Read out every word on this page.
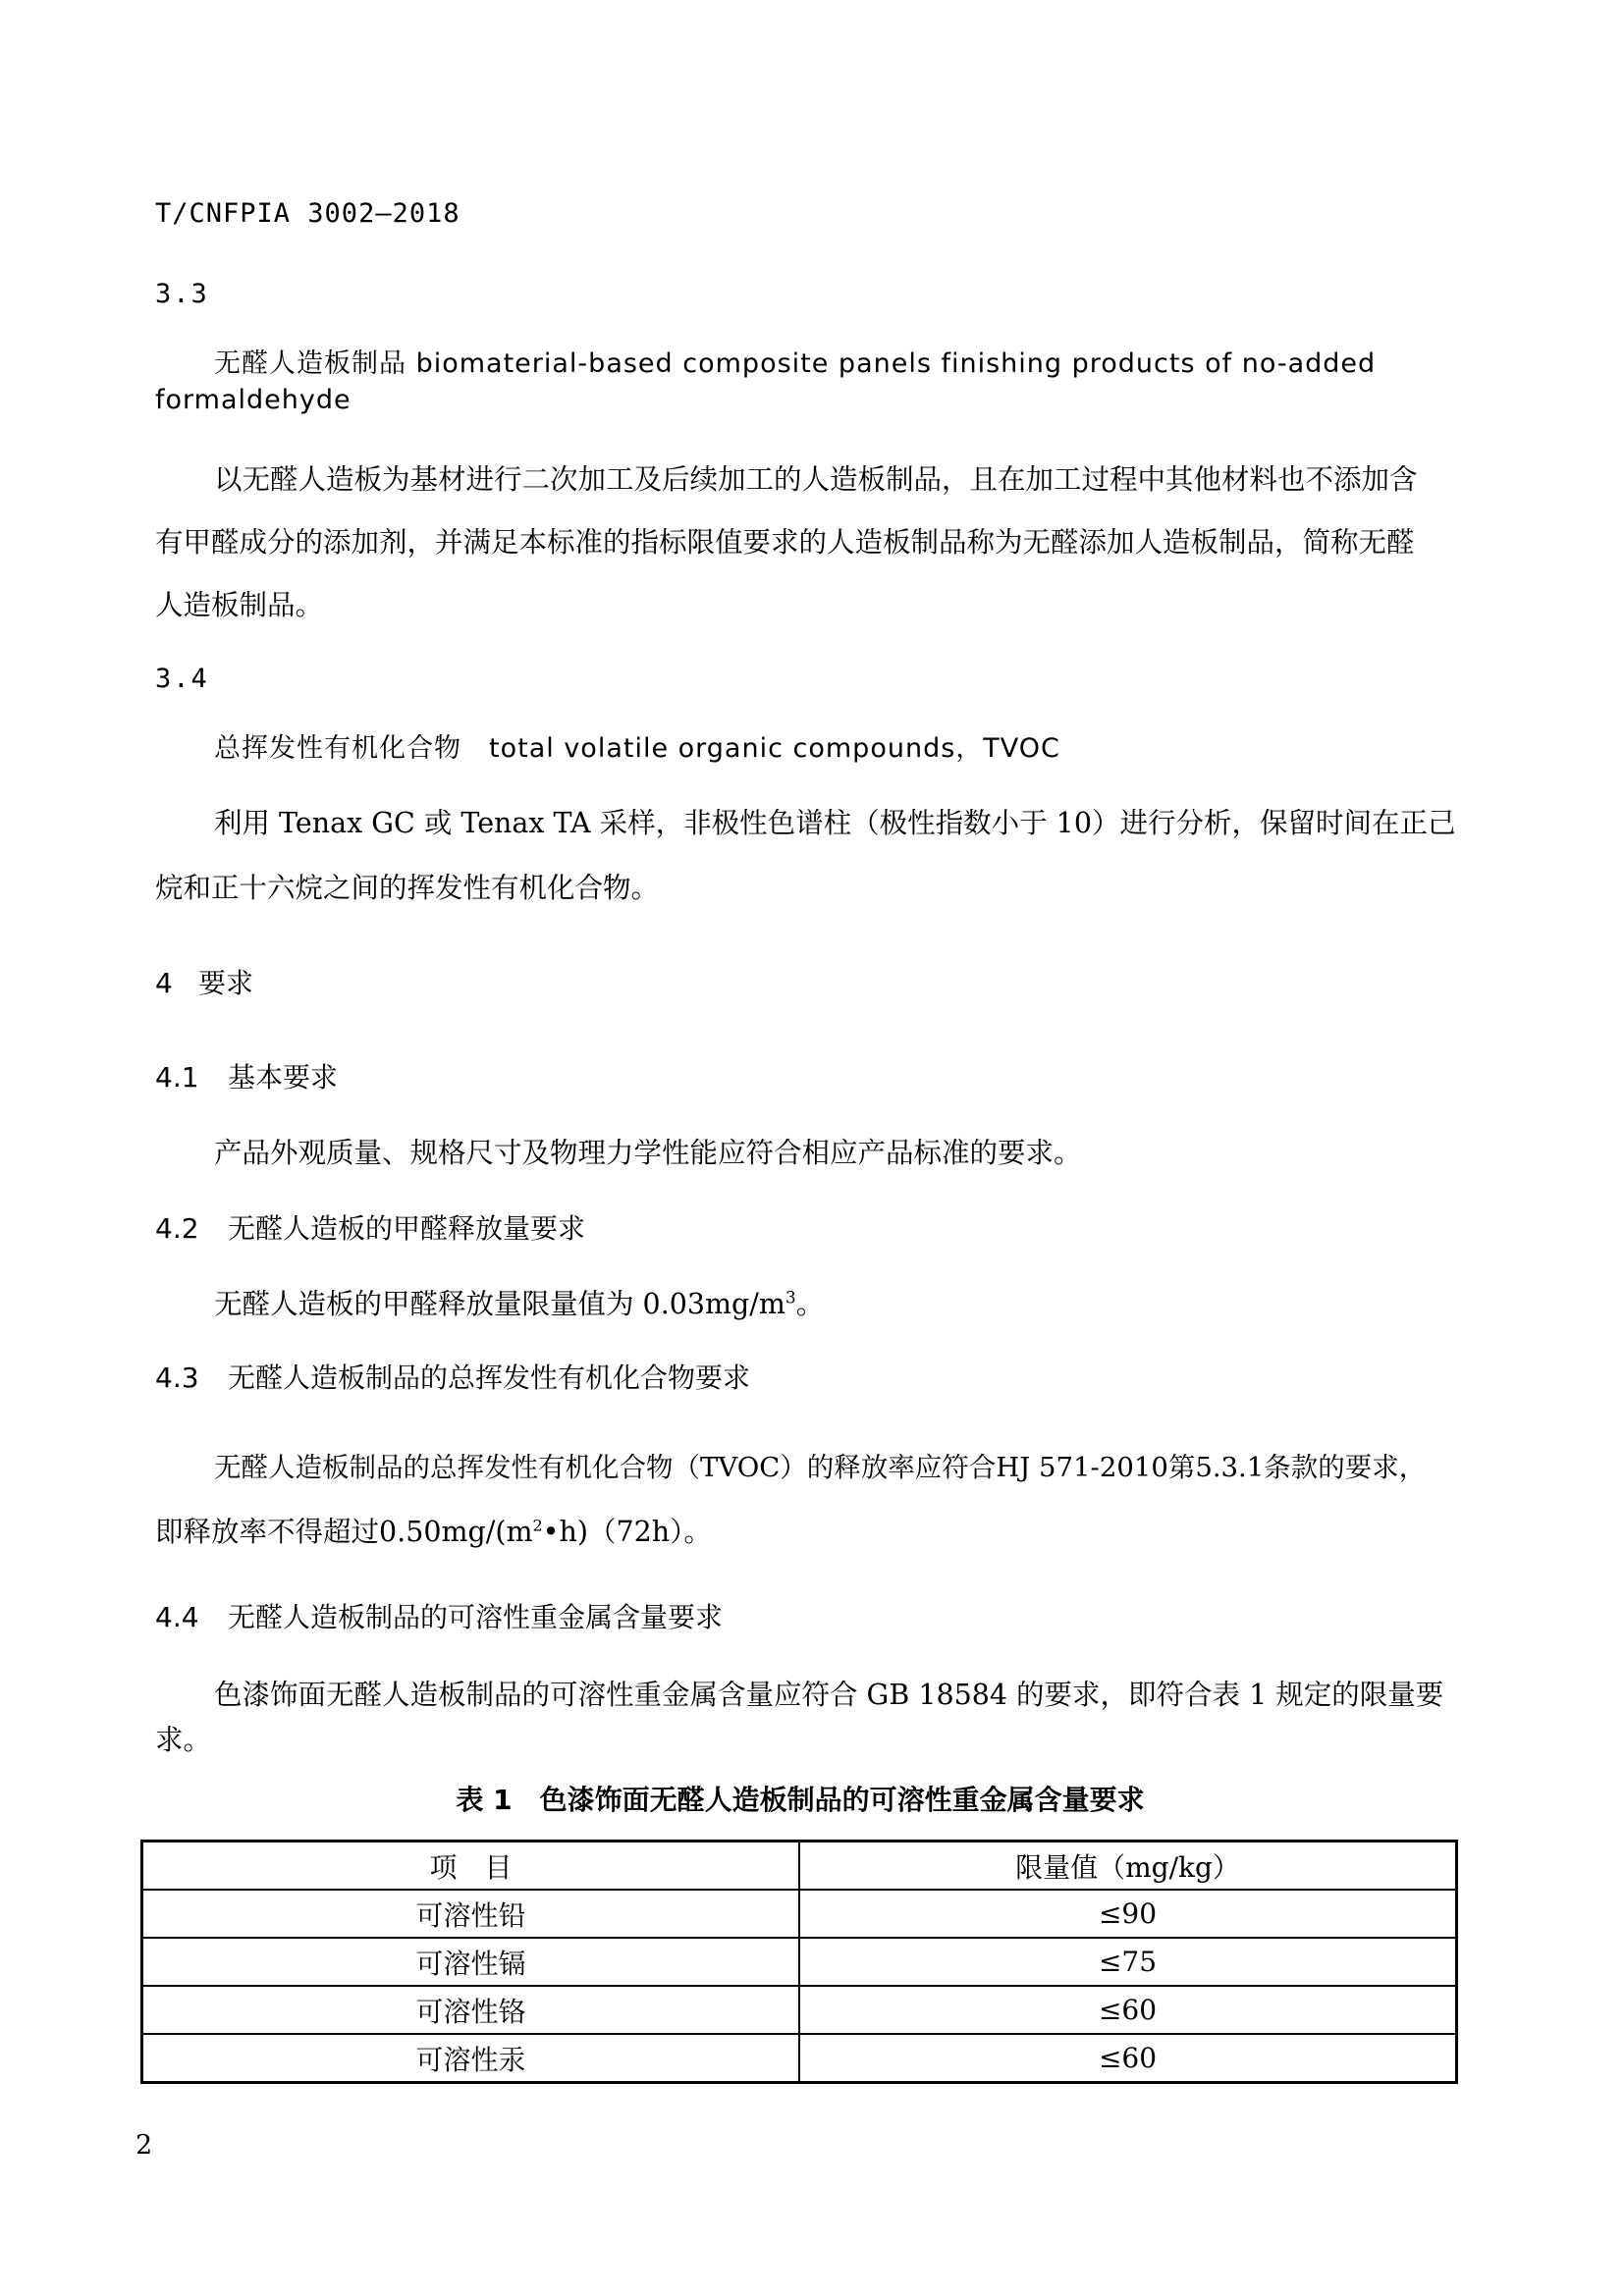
T/CNFPIA 3002—2018
3.3
无醛人造板制品 biomaterial-based composite panels finishing products of no-added
formaldehyde
以无醛人造板为基材进行二次加工及后续加工的人造板制品，且在加工过程中其他材料也不添加含
有甲醛成分的添加剂，并满足本标准的指标限值要求的人造板制品称为无醛添加人造板制品，简称无醛
人造板制品。
3.4
总挥发性有机化合物　total volatile organic compounds，TVOC
利用 Tenax GC 或 Tenax TA 采样，非极性色谱柱（极性指数小于 10）进行分析，保留时间在正己
烷和正十六烷之间的挥发性有机化合物。
4 要求
4.1 基本要求
产品外观质量、规格尺寸及物理力学性能应符合相应产品标准的要求。
4.2 无醛人造板的甲醛释放量要求
无醛人造板的甲醛释放量限量值为 $0.03mg/m^3$。
4.3 无醛人造板制品的总挥发性有机化合物要求
无醛人造板制品的总挥发性有机化合物（TVOC）的释放率应符合HJ 571-2010第5.3.1条款的要求，
即释放率不得超过$0.50mg/(m^2•h)(72h)$。
4.4 无醛人造板制品的可溶性重金属含量要求
色漆饰面无醛人造板制品的可溶性重金属含量应符合 GB 18584 的要求，即符合表 1 规定的限量要
求。
表 1　色漆饰面无醛人造板制品的可溶性重金属含量要求
项　目	限量值（mg/kg）
可溶性铅	≤90
可溶性镉	≤75
可溶性铬	≤60
可溶性汞	≤60
2
